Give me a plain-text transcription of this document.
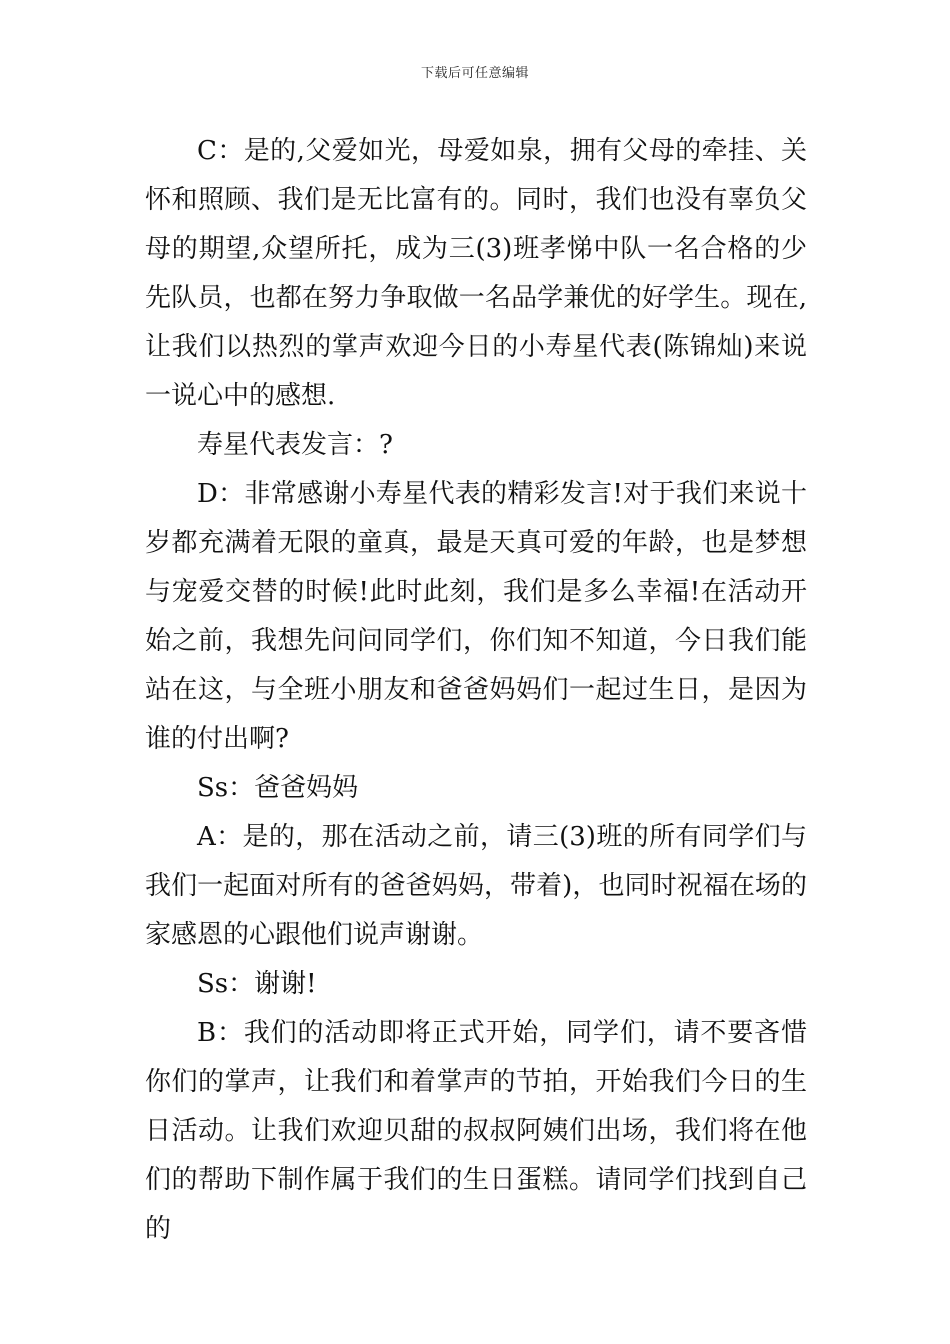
下载后可任意编辑

C：是的,父爱如光，母爱如泉，拥有父母的牵挂、关怀和照顾、我们是无比富有的。同时，我们也没有辜负父母的期望,众望所托，成为三(3)班孝悌中队一名合格的少先队员，也都在努力争取做一名品学兼优的好学生。现在,让我们以热烈的掌声欢迎今日的小寿星代表(陈锦灿)来说一说心中的感想.

寿星代表发言：?

D：非常感谢小寿星代表的精彩发言!对于我们来说十岁都充满着无限的童真，最是天真可爱的年龄，也是梦想与宠爱交替的时候!此时此刻，我们是多么幸福!在活动开始之前，我想先问问同学们，你们知不知道，今日我们能站在这，与全班小朋友和爸爸妈妈们一起过生日，是因为谁的付出啊?

Ss：爸爸妈妈

A：是的，那在活动之前，请三(3)班的所有同学们与我们一起面对所有的爸爸妈妈，带着)，也同时祝福在场的家感恩的心跟他们说声谢谢。

Ss：谢谢!

B：我们的活动即将正式开始，同学们，请不要吝惜你们的掌声，让我们和着掌声的节拍，开始我们今日的生日活动。让我们欢迎贝甜的叔叔阿姨们出场，我们将在他们的帮助下制作属于我们的生日蛋糕。请同学们找到自己的
